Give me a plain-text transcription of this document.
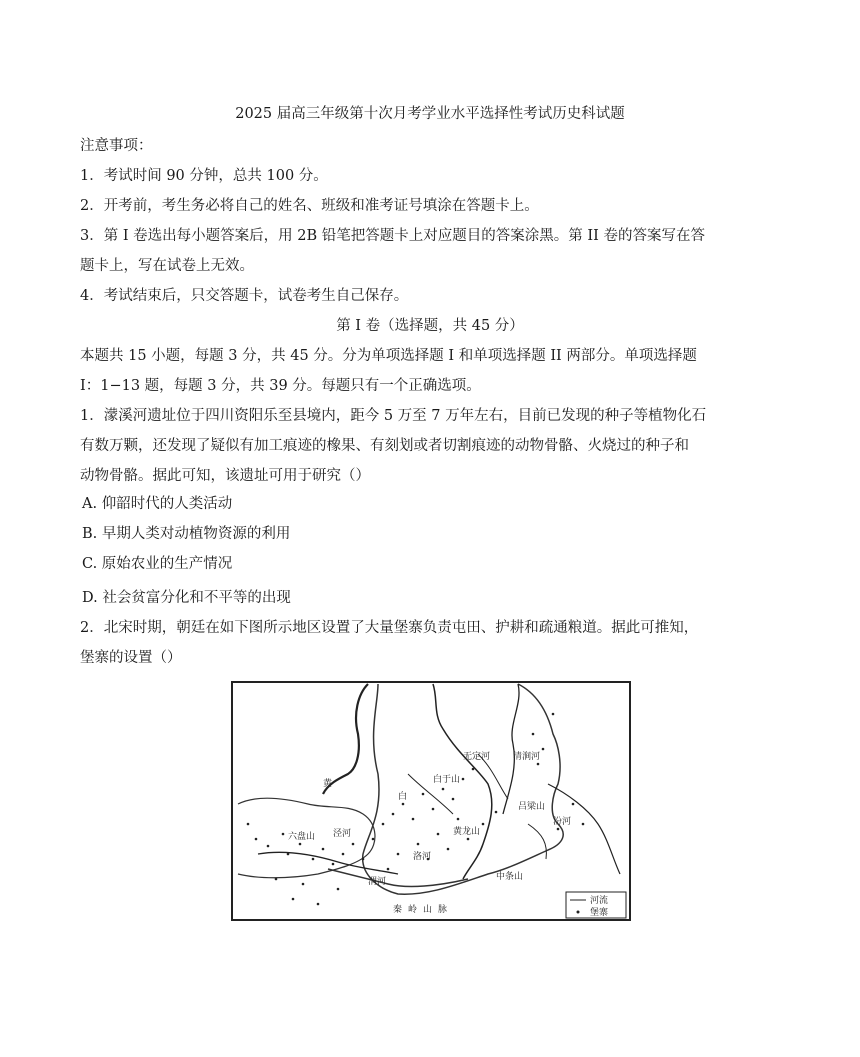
2025 届高三年级第十次月考学业水平选择性考试历史科试题
注意事项：
1．考试时间 90 分钟，总共 100 分。
2．开考前，考生务必将自己的姓名、班级和准考证号填涂在答题卡上。
3．第 I 卷选出每小题答案后，用 2B 铅笔把答题卡上对应题目的答案涂黑。第 II 卷的答案写在答
题卡上，写在试卷上无效。
4．考试结束后，只交答题卡，试卷考生自己保存。
第 I 卷（选择题，共 45 分）
本题共 15 小题，每题 3 分，共 45 分。分为单项选择题 I 和单项选择题 II 两部分。单项选择题
I：1−13 题，每题 3 分，共 39 分。每题只有一个正确选项。
1．濛溪河遗址位于四川资阳乐至县境内，距今 5 万至 7 万年左右，目前已发现的种子等植物化石
有数万颗，还发现了疑似有加工痕迹的橡果、有刻划或者切割痕迹的动物骨骼、火烧过的种子和
动物骨骼。据此可知，该遗址可用于研究（）
A. 仰韶时代的人类活动
B. 早期人类对动植物资源的利用
C. 原始农业的生产情况
D. 社会贫富分化和不平等的出现
2．北宋时期，朝廷在如下图所示地区设置了大量堡寨负责屯田、护耕和疏通粮道。据此可推知，
堡寨的设置（）
黄
秦岭山脉
中条山
吕梁山
六盘山
汾河
渭河
泾河
洛河
黄龙山
白于山
无定河	清涧河
白
河流
堡寨
